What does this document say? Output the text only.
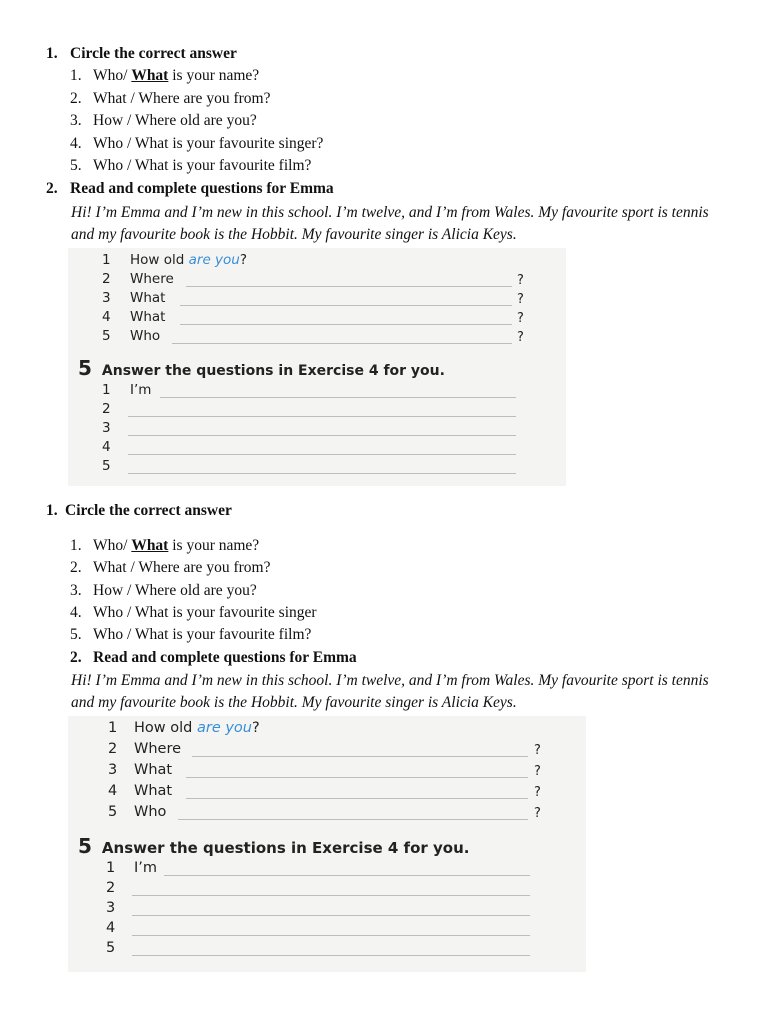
1. Circle the correct answer
1. Who/ What is your name?
2. What / Where are you from?
3. How / Where old are you?
4. Who / What is your favourite singer?
5. Who / What is your favourite film?
2. Read and complete questions for Emma
Hi! I’m Emma and I’m new in this school. I’m twelve, and I’m from Wales. My favourite sport is tennis and my favourite book is the Hobbit. My favourite singer is Alicia Keys.
1 How old are you?
2 Where	?
3 What	?
4 What	?
5 Who	?
5 Answer the questions in Exercise 4 for you.
1 I’m
2
3
4
5
1. Circle the correct answer
1. Who/ What is your name?
2. What / Where are you from?
3. How / Where old are you?
4. Who / What is your favourite singer
5. Who / What is your favourite film?
2. Read and complete questions for Emma
Hi! I’m Emma and I’m new in this school. I’m twelve, and I’m from Wales. My favourite sport is tennis and my favourite book is the Hobbit. My favourite singer is Alicia Keys.
1 How old are you?
2 Where	?
3 What	?
4 What	?
5 Who	?
5 Answer the questions in Exercise 4 for you.
1 I’m
2
3
4
5
